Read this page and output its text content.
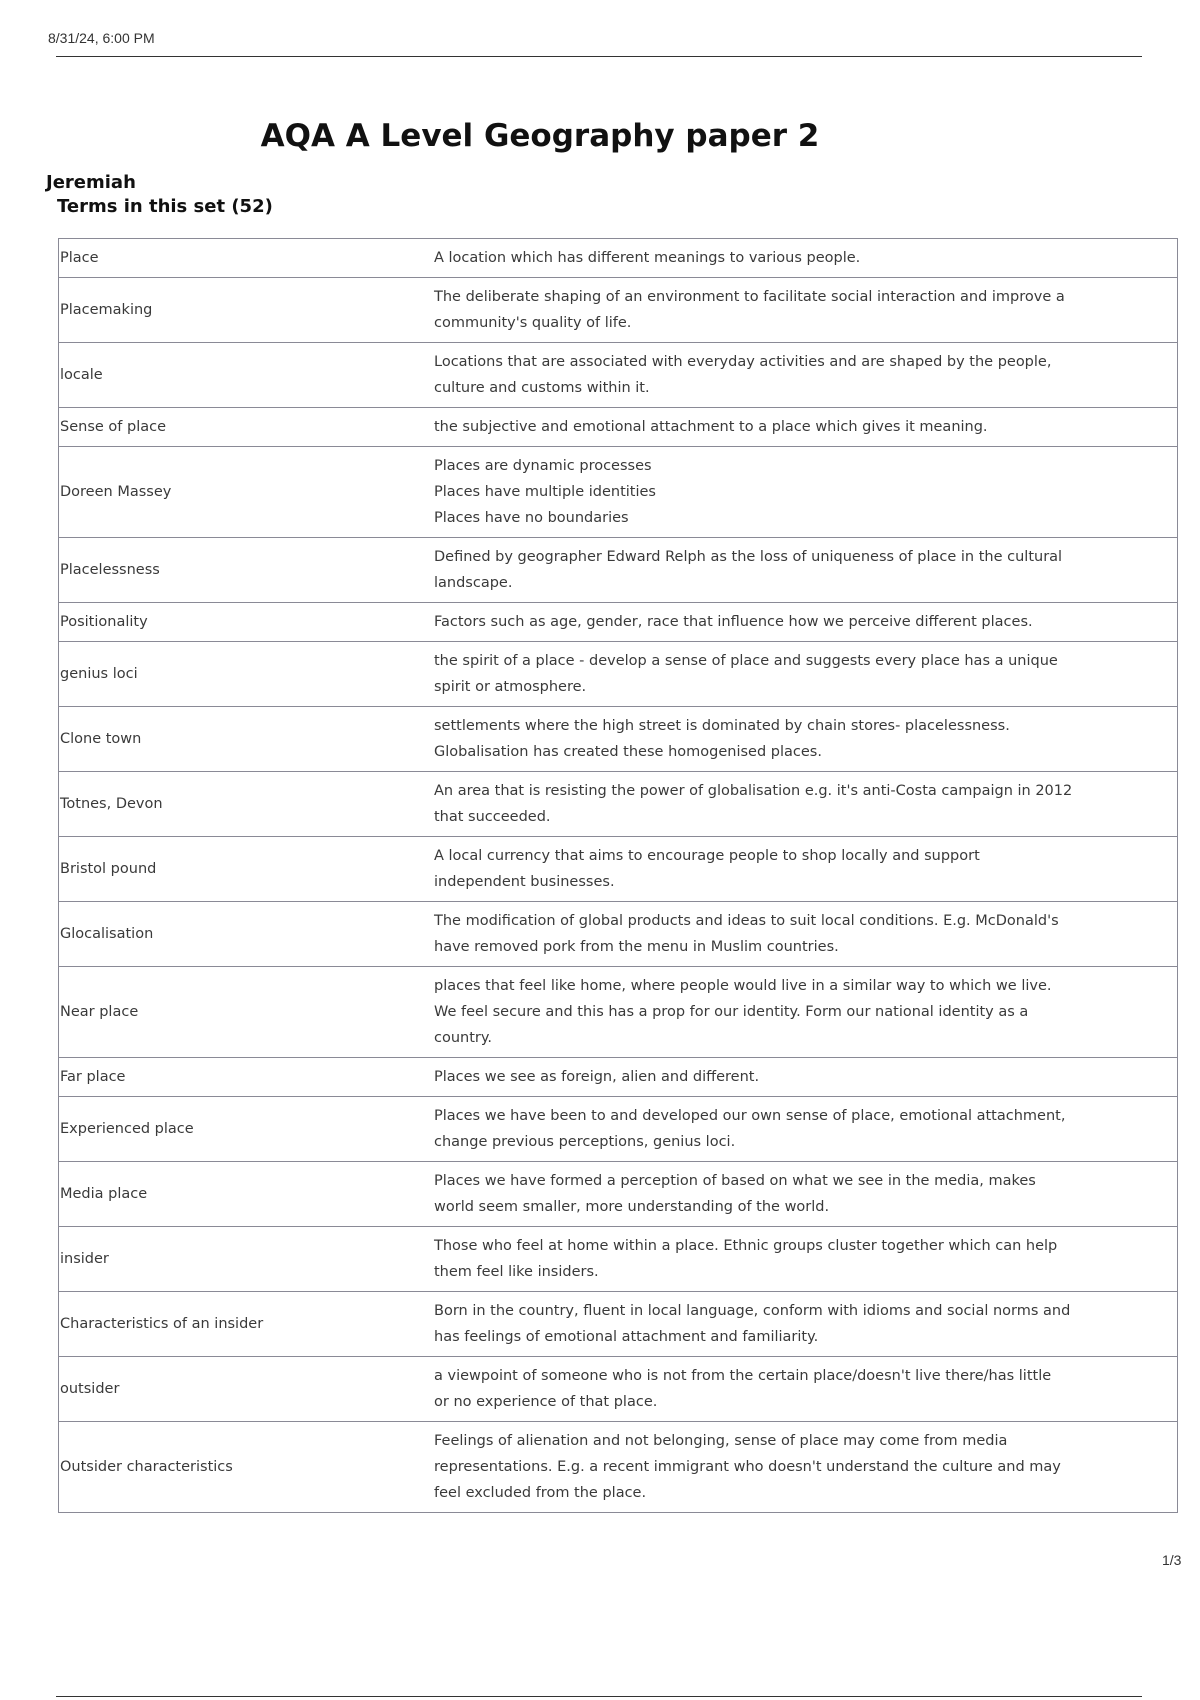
8/31/24, 6:00 PM
AQA A Level Geography paper 2
Jeremiah
Terms in this set (52)
Place	A location which has different meanings to various people.

Placemaking	The deliberate shaping of an environment to facilitate social interaction and improve a
community's quality of life.

locale	Locations that are associated with everyday activities and are shaped by the people,
culture and customs within it.

Sense of place	the subjective and emotional attachment to a place which gives it meaning.

Doreen Massey	Places are dynamic processes
Places have multiple identities
Places have no boundaries

Placelessness	Defined by geographer Edward Relph as the loss of uniqueness of place in the cultural
landscape.

Positionality	Factors such as age, gender, race that influence how we perceive different places.

genius loci	the spirit of a place - develop a sense of place and suggests every place has a unique
spirit or atmosphere.

Clone town	settlements where the high street is dominated by chain stores- placelessness.
Globalisation has created these homogenised places.

Totnes, Devon	An area that is resisting the power of globalisation e.g. it's anti-Costa campaign in 2012
that succeeded.

Bristol pound	A local currency that aims to encourage people to shop locally and support
independent businesses.

Glocalisation	The modification of global products and ideas to suit local conditions. E.g. McDonald's
have removed pork from the menu in Muslim countries.

Near place	places that feel like home, where people would live in a similar way to which we live.
We feel secure and this has a prop for our identity. Form our national identity as a
country.

Far place	Places we see as foreign, alien and different.

Experienced place	Places we have been to and developed our own sense of place, emotional attachment,
change previous perceptions, genius loci.

Media place	Places we have formed a perception of based on what we see in the media, makes
world seem smaller, more understanding of the world.

insider	Those who feel at home within a place. Ethnic groups cluster together which can help
them feel like insiders.

Characteristics of an insider	Born in the country, fluent in local language, conform with idioms and social norms and
has feelings of emotional attachment and familiarity.

outsider	a viewpoint of someone who is not from the certain place/doesn't live there/has little
or no experience of that place.

Outsider characteristics	Feelings of alienation and not belonging, sense of place may come from media
representations. E.g. a recent immigrant who doesn't understand the culture and may
feel excluded from the place.
1/3
